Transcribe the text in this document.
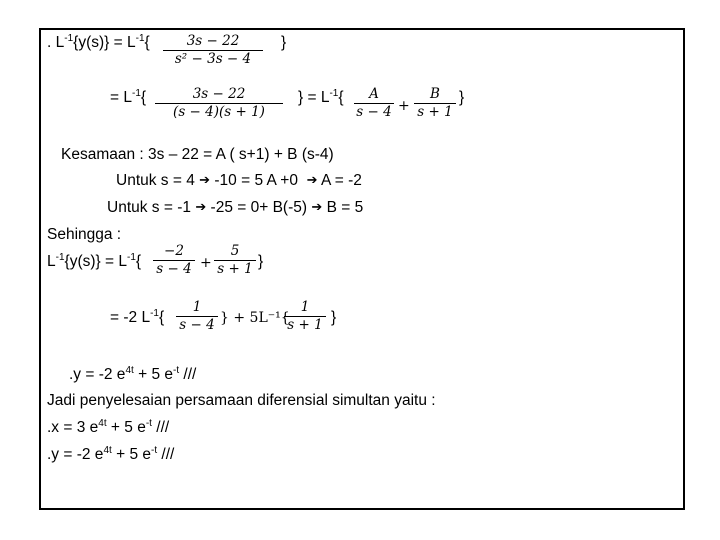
. $L^{-1}\{y(s)\} = L^{-1}${	3s − 22
s² − 3s − 4
}
= $L^{-1}${	3s − 22
(s − 4)(s + 1)
} = $L^{-1}${	A
s − 4 +
B
s + 1
}
Kesamaan : 3s – 22 = A ( s+1) + B (s-4)
Untuk s = 4 ➔ -10 = 5 A +0 ➔ A = -2
Untuk s = -1 ➔ -25 = 0+ B(-5) ➔ B = 5
Sehingga :
$L^{-1}\{y(s)\} = L^{-1}${
−2
s − 4 +
5
s + 1 }
= -2 $L^{-1}${
1
s − 4 } + 5L⁻¹{
1
s + 1 }
.y = -2 $e^{4t} + 5$ $e^{-t}$ ///
Jadi penyelesaian persamaan diferensial simultan yaitu :
.x = 3 $e^{4t} + 5$ $e^{-t}$ ///
.y = -2 $e^{4t} + 5$ $e^{-t}$ ///
